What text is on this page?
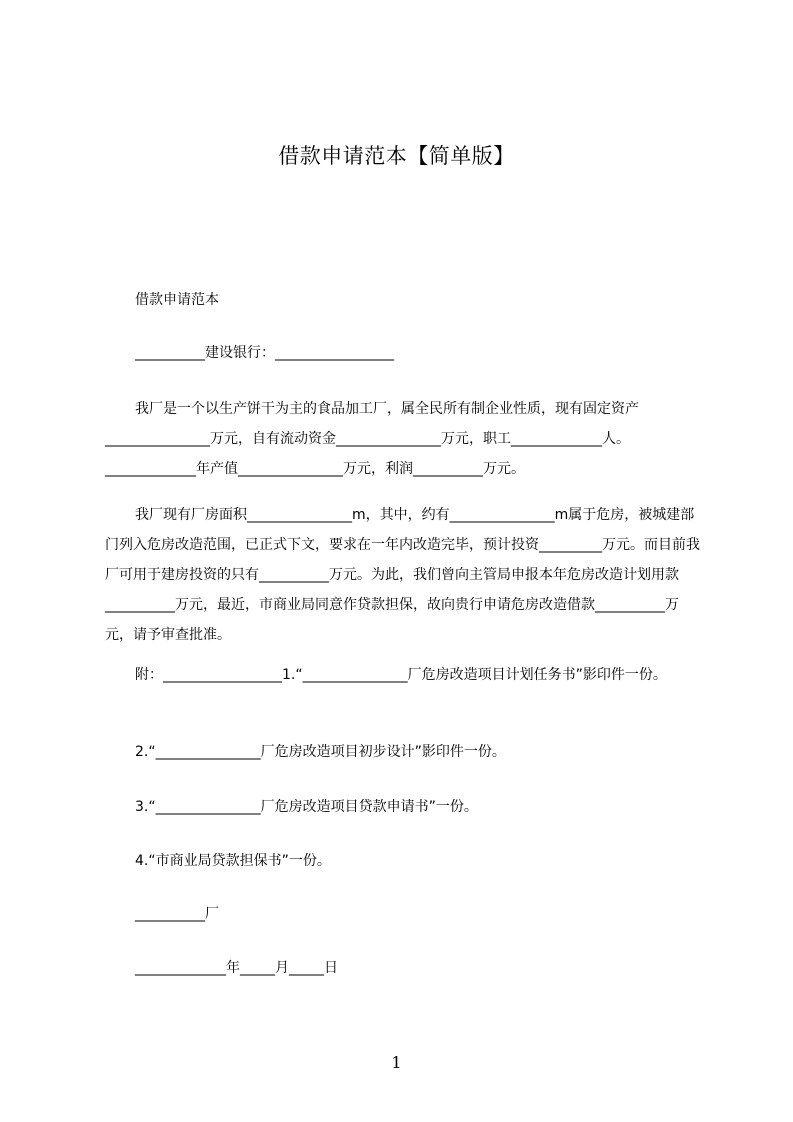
借款申请范本【简单版】
借款申请范本
__________建设银行：_________________
我厂是一个以生产饼干为主的食品加工厂，属全民所有制企业性质，现有固定资产_______________万元，自有流动资金_______________万元，职工_____________人。_____________年产值_______________万元，利润__________万元。
我厂现有厂房面积_______________m，其中，约有_______________m属于危房，被城建部门列入危房改造范围，已正式下文，要求在一年内改造完毕，预计投资_________万元。而目前我厂可用于建房投资的只有__________万元。为此，我们曾向主管局申报本年危房改造计划用款__________万元，最近，市商业局同意作贷款担保，故向贵行申请危房改造借款__________万元，请予审查批准。
附：_________________1.“_______________厂危房改造项目计划任务书”影印件一份。
2.“_______________厂危房改造项目初步设计”影印件一份。
3.“_______________厂危房改造项目贷款申请书”一份。
4.“市商业局贷款担保书”一份。
__________厂
_____________年_____月_____日
1
